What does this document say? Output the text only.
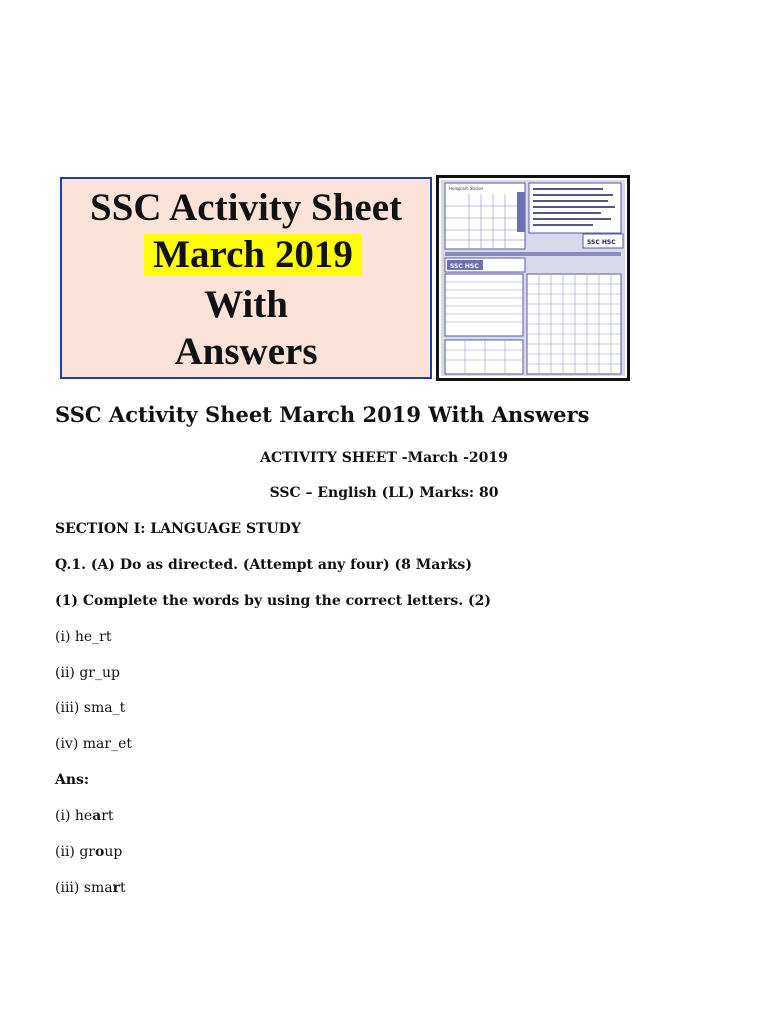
SSC Activity Sheet
March 2019
With
Answers
Hologram Sticker
SSC HSC
SSC HSC
SSC Activity Sheet March 2019 With Answers
ACTIVITY SHEET -March -2019
SSC – English (LL) Marks: 80
SECTION I: LANGUAGE STUDY
Q.1. (A) Do as directed. (Attempt any four) (8 Marks)
(1) Complete the words by using the correct letters. (2)
(i) he_rt
(ii) gr_up
(iii) sma_t
(iv) mar_et
Ans:
(i) heart
(ii) group
(iii) smart
